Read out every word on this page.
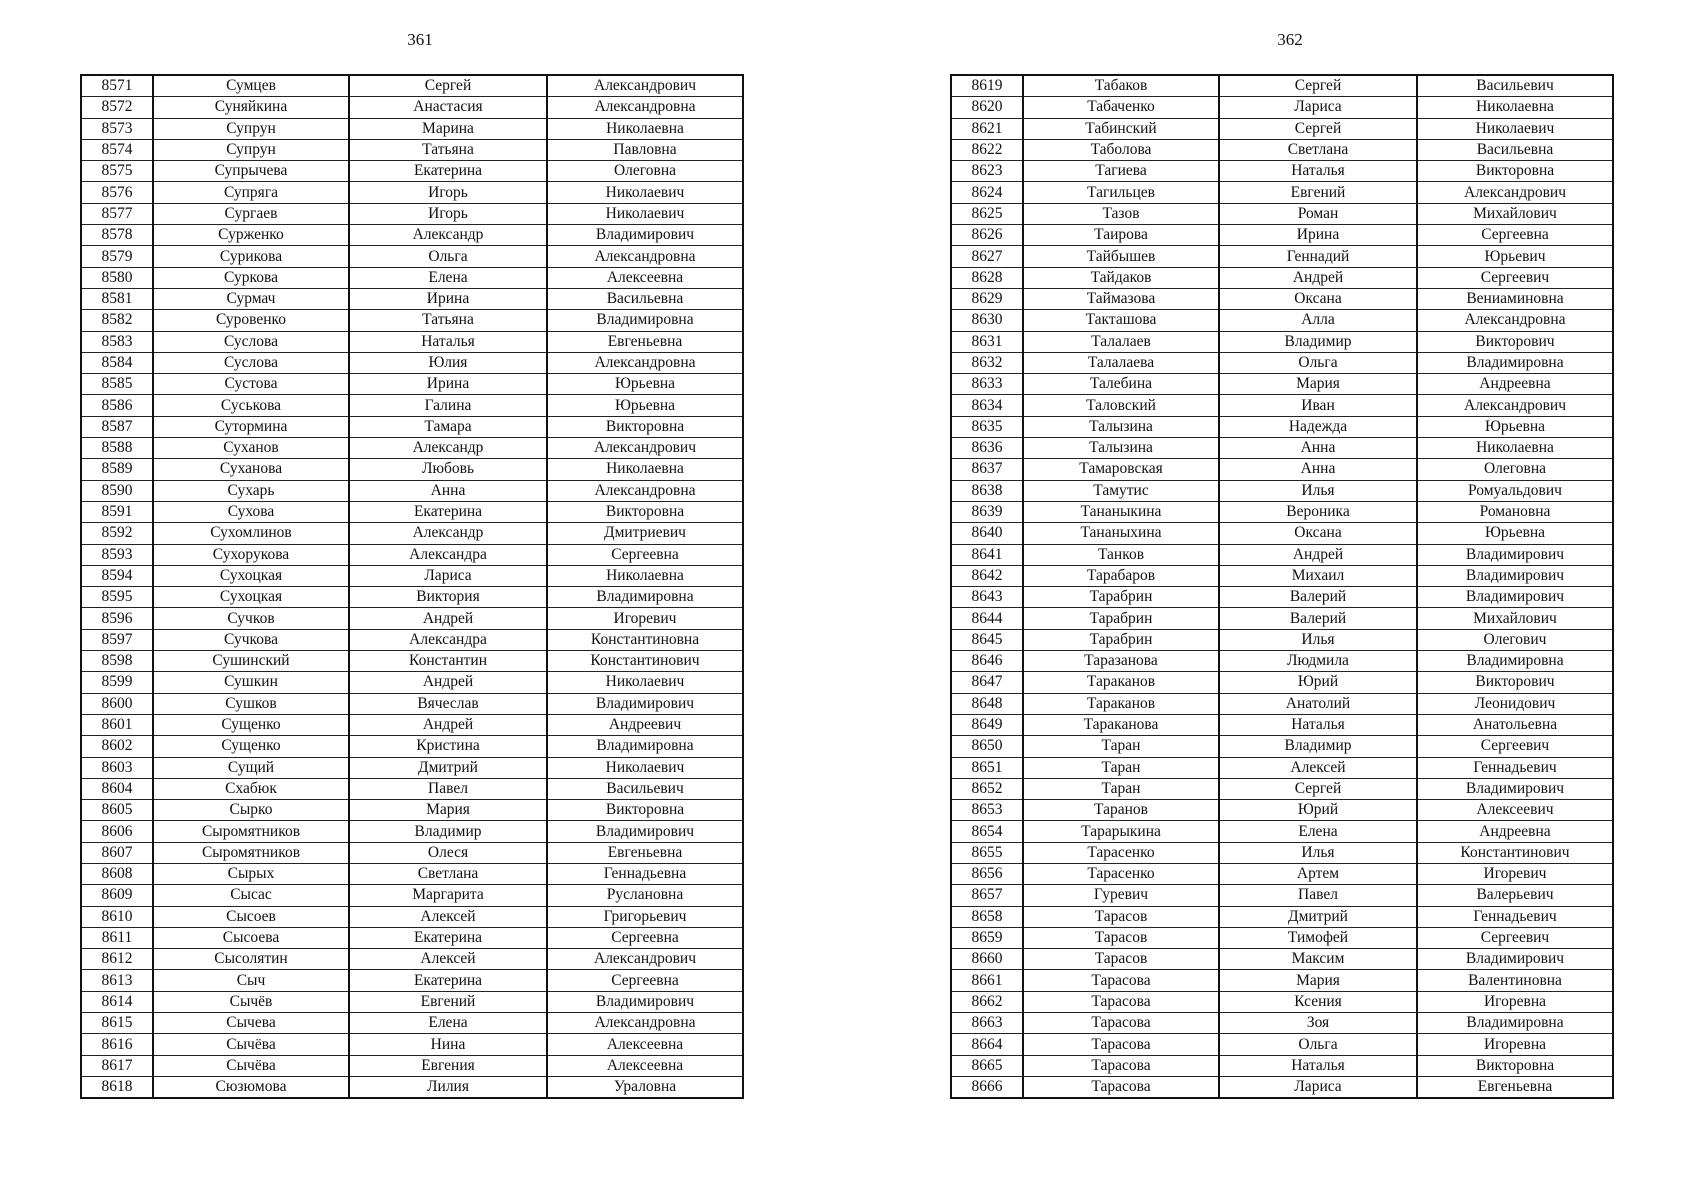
361
8571	Сумцев	Сергей	Александрович
8572	Суняйкина	Анастасия	Александровна
8573	Супрун	Марина	Николаевна
8574	Супрун	Татьяна	Павловна
8575	Супрычева	Екатерина	Олеговна
8576	Супряга	Игорь	Николаевич
8577	Сургаев	Игорь	Николаевич
8578	Сурженко	Александр	Владимирович
8579	Сурикова	Ольга	Александровна
8580	Суркова	Елена	Алексеевна
8581	Сурмач	Ирина	Васильевна
8582	Суровенко	Татьяна	Владимировна
8583	Суслова	Наталья	Евгеньевна
8584	Суслова	Юлия	Александровна
8585	Сустова	Ирина	Юрьевна
8586	Суськова	Галина	Юрьевна
8587	Сутормина	Тамара	Викторовна
8588	Суханов	Александр	Александрович
8589	Суханова	Любовь	Николаевна
8590	Сухарь	Анна	Александровна
8591	Сухова	Екатерина	Викторовна
8592	Сухомлинов	Александр	Дмитриевич
8593	Сухорукова	Александра	Сергеевна
8594	Сухоцкая	Лариса	Николаевна
8595	Сухоцкая	Виктория	Владимировна
8596	Сучков	Андрей	Игоревич
8597	Сучкова	Александра	Константиновна
8598	Сушинский	Константин	Константинович
8599	Сушкин	Андрей	Николаевич
8600	Сушков	Вячеслав	Владимирович
8601	Сущенко	Андрей	Андреевич
8602	Сущенко	Кристина	Владимировна
8603	Сущий	Дмитрий	Николаевич
8604	Схабюк	Павел	Васильевич
8605	Сырко	Мария	Викторовна
8606	Сыромятников	Владимир	Владимирович
8607	Сыромятников	Олеся	Евгеньевна
8608	Сырых	Светлана	Геннадьевна
8609	Сысас	Маргарита	Руслановна
8610	Сысоев	Алексей	Григорьевич
8611	Сысоева	Екатерина	Сергеевна
8612	Сысолятин	Алексей	Александрович
8613	Сыч	Екатерина	Сергеевна
8614	Сычёв	Евгений	Владимирович
8615	Сычева	Елена	Александровна
8616	Сычёва	Нина	Алексеевна
8617	Сычёва	Евгения	Алексеевна
8618	Сюзюмова	Лилия	Ураловна
362
8619	Табаков	Сергей	Васильевич
8620	Табаченко	Лариса	Николаевна
8621	Табинский	Сергей	Николаевич
8622	Таболова	Светлана	Васильевна
8623	Тагиева	Наталья	Викторовна
8624	Тагильцев	Евгений	Александрович
8625	Тазов	Роман	Михайлович
8626	Таирова	Ирина	Сергеевна
8627	Тайбышев	Геннадий	Юрьевич
8628	Тайдаков	Андрей	Сергеевич
8629	Таймазова	Оксана	Вениаминовна
8630	Такташова	Алла	Александровна
8631	Талалаев	Владимир	Викторович
8632	Талалаева	Ольга	Владимировна
8633	Талебина	Мария	Андреевна
8634	Таловский	Иван	Александрович
8635	Талызина	Надежда	Юрьевна
8636	Талызина	Анна	Николаевна
8637	Тамаровская	Анна	Олеговна
8638	Тамутис	Илья	Ромуальдович
8639	Тананыкина	Вероника	Романовна
8640	Тананыхина	Оксана	Юрьевна
8641	Танков	Андрей	Владимирович
8642	Тарабаров	Михаил	Владимирович
8643	Тарабрин	Валерий	Владимирович
8644	Тарабрин	Валерий	Михайлович
8645	Тарабрин	Илья	Олегович
8646	Таразанова	Людмила	Владимировна
8647	Тараканов	Юрий	Викторович
8648	Тараканов	Анатолий	Леонидович
8649	Тараканова	Наталья	Анатольевна
8650	Таран	Владимир	Сергеевич
8651	Таран	Алексей	Геннадьевич
8652	Таран	Сергей	Владимирович
8653	Таранов	Юрий	Алексеевич
8654	Тарарыкина	Елена	Андреевна
8655	Тарасенко	Илья	Константинович
8656	Тарасенко	Артем	Игоревич
8657	Гуревич	Павел	Валерьевич
8658	Тарасов	Дмитрий	Геннадьевич
8659	Тарасов	Тимофей	Сергеевич
8660	Тарасов	Максим	Владимирович
8661	Тарасова	Мария	Валентиновна
8662	Тарасова	Ксения	Игоревна
8663	Тарасова	Зоя	Владимировна
8664	Тарасова	Ольга	Игоревна
8665	Тарасова	Наталья	Викторовна
8666	Тарасова	Лариса	Евгеньевна
